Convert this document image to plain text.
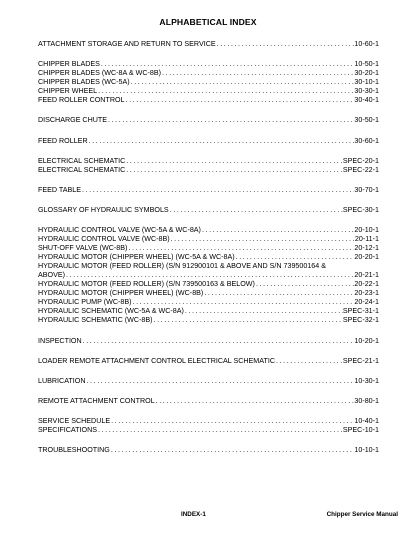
ALPHABETICAL INDEX
ATTACHMENT STORAGE AND RETURN TO SERVICE . . .	10-60-1
CHIPPER BLADES . . .	10-50-1
CHIPPER BLADES (WC-8A & WC-8B) . . .	30-20-1
CHIPPER BLADES (WC-5A) . . .	30-10-1
CHIPPER WHEEL . . .	30-30-1
FEED ROLLER CONTROL . . .	30-40-1
DISCHARGE CHUTE . . .	30-50-1
FEED ROLLER . . .	30-60-1
ELECTRICAL SCHEMATIC . . .	SPEC-20-1
ELECTRICAL SCHEMATIC . . .	SPEC-22-1
FEED TABLE . . .	30-70-1
GLOSSARY OF HYDRAULIC SYMBOLS . . .	SPEC-30-1
HYDRAULIC CONTROL VALVE (WC-5A & WC-8A) . . .	20-10-1
HYDRAULIC CONTROL VALVE (WC-8B) . . .	20-11-1
SHUT-OFF VALVE (WC-8B) . . .	20-12-1
HYDRAULIC MOTOR (CHIPPER WHEEL) (WC-5A & WC-8A) . . .	20-20-1
HYDRAULIC MOTOR (FEED ROLLER) (S/N 912900101 & ABOVE AND S/N 739500164 &
ABOVE) . . .	20-21-1
HYDRAULIC MOTOR (FEED ROLLER) (S/N 739500163 & BELOW) . . .	20-22-1
HYDRAULIC MOTOR (CHIPPER WHEEL) (WC-8B) . . .	20-23-1
HYDRAULIC PUMP (WC-8B) . . .	20-24-1
HYDRAULIC SCHEMATIC (WC-5A & WC-8A) . . .	SPEC-31-1
HYDRAULIC SCHEMATIC (WC-8B) . . .	SPEC-32-1
INSPECTION . . .	10-20-1
LOADER REMOTE ATTACHMENT CONTROL ELECTRICAL SCHEMATIC . . .	SPEC-21-1
LUBRICATION . . .	10-30-1
REMOTE ATTACHMENT CONTROL . . .	30-80-1
SERVICE SCHEDULE . . .	10-40-1
SPECIFICATIONS . . .	SPEC-10-1
TROUBLESHOOTING . . .	10-10-1
INDEX-1	Chipper Service Manual
